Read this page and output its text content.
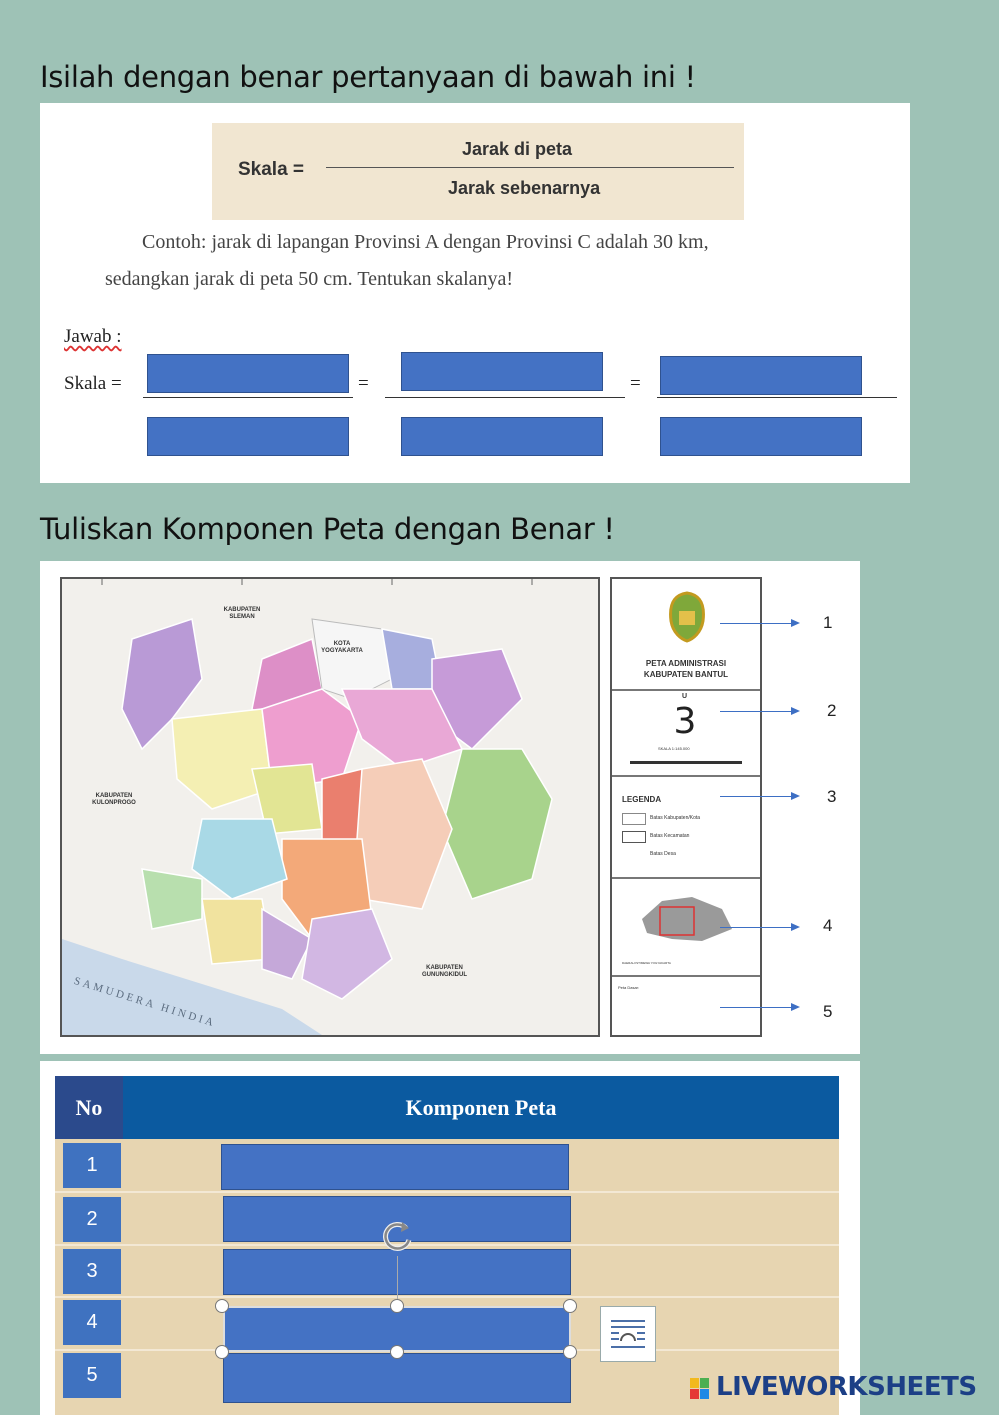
Isilah dengan benar pertanyaan di bawah ini !
Skala =
Jarak di peta
Jarak sebenarnya
Contoh: jarak di lapangan Provinsi A dengan Provinsi C adalah 30 km,
sedangkan jarak di peta 50 cm. Tentukan skalanya!
Jawab :
Skala =	=	=
Tuliskan Komponen Peta dengan Benar !
KABUPATEN SLEMAN
KOTA YOGYAKARTA
KABUPATEN KULONPROGO
KABUPATEN GUNUNGKIDUL
SAMUDERA HINDIA
PETA ADMINISTRASI
KABUPATEN BANTUL
U
3
SKALA 1:145.000
LEGENDA
Batas Kabupaten/Kota
Batas Kecamatan
Batas Desa
DAERAH ISTIMEWA YOGYAKARTA
Peta Dasar:
1
2
3
4
5
No	Komponen Peta
1
2
3
4
5	LIVEWORKSHEETS
